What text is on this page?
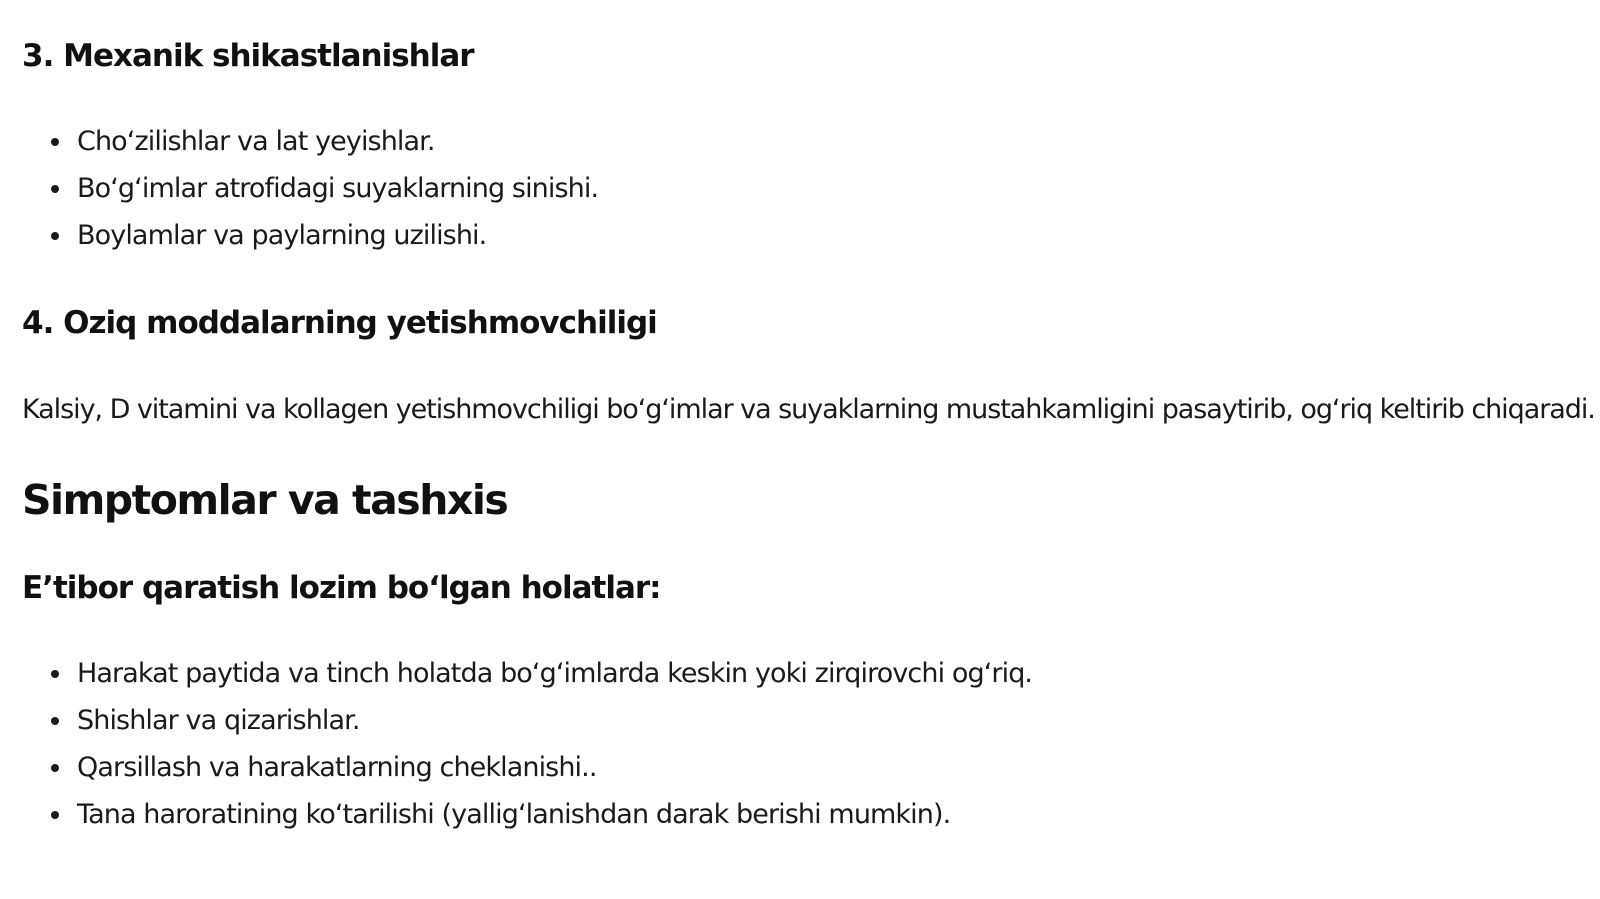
3. Mexanik shikastlanishlar
Cho‘zilishlar va lat yeyishlar.
Bo‘g‘imlar atrofidagi suyaklarning sinishi.
Boylamlar va paylarning uzilishi.
4. Oziq moddalarning yetishmovchiligi

Kalsiy, D vitamini va kollagen yetishmovchiligi bo‘g‘imlar va suyaklarning mustahkamligini pasaytirib, og‘riq keltirib chiqaradi.

Simptomlar va tashxis
E’tibor qaratish lozim bo‘lgan holatlar:
Harakat paytida va tinch holatda bo‘g‘imlarda keskin yoki zirqirovchi og‘riq.
Shishlar va qizarishlar.
Qarsillash va harakatlarning cheklanishi..
Tana haroratining ko‘tarilishi (yallig‘lanishdan darak berishi mumkin).
